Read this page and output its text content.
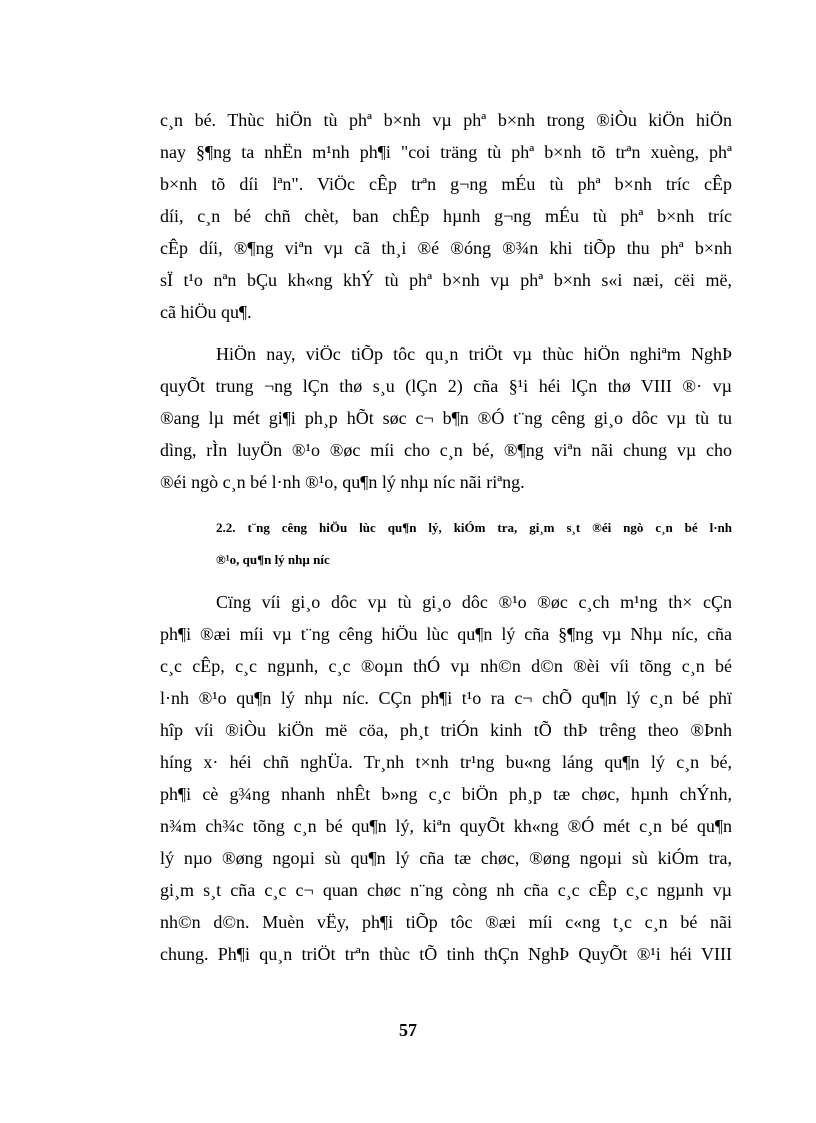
c¸n bé. Thùc hiÖn tù phª b×nh vµ phª b×nh trong ®iÒu kiÖn hiÖn
nay §¶ng ta nhËn m¹nh ph¶i "coi träng tù phª b×nh tõ trªn xuèng, phª
b×nh tõ díi lªn". ViÖc cÊp trªn g¬ng mÉu tù phª b×nh tríc cÊp
díi, c¸n bé chñ chèt, ban chÊp hµnh g¬ng mÉu tù phª b×nh tríc
cÊp díi, ®¶ng viªn vµ cã th¸i ®é ®óng ®¾n khi tiÕp thu phª b×nh
sÏ t¹o nªn bÇu kh«ng khÝ tù phª b×nh vµ phª b×nh s«i næi, cëi më,
cã hiÖu qu¶.
HiÖn nay, viÖc tiÕp tôc qu¸n triÖt vµ thùc hiÖn nghiªm NghÞ
quyÕt trung ¬ng lÇn thø s¸u (lÇn 2) cña §¹i héi lÇn thø VIII ®· vµ
®ang lµ mét gi¶i ph¸p hÕt søc c¬ b¶n ®Ó t¨ng cêng gi¸o dôc vµ tù tu
dìng, rÌn luyÖn ®¹o ®øc míi cho c¸n bé, ®¶ng viªn nãi chung vµ cho
®éi ngò c¸n bé l·nh ®¹o, qu¶n lý nhµ níc nãi riªng.
2.2. t¨ng cêng hiÖu lùc qu¶n lý, kiÓm tra, gi¸m s¸t ®éi ngò c¸n bé l·nh
®¹o, qu¶n lý nhµ níc
Cïng víi gi¸o dôc vµ tù gi¸o dôc ®¹o ®øc c¸ch m¹ng th× cÇn
ph¶i ®æi míi vµ t¨ng cêng hiÖu lùc qu¶n lý cña §¶ng vµ Nhµ níc, cña
c¸c cÊp, c¸c ngµnh, c¸c ®oµn thÓ vµ nh©n d©n ®èi víi tõng c¸n bé
l·nh ®¹o qu¶n lý nhµ níc. CÇn ph¶i t¹o ra c¬ chÕ qu¶n lý c¸n bé phï
hîp víi ®iÒu kiÖn më cöa, ph¸t triÓn kinh tÕ thÞ trêng theo ®Þnh
híng x· héi chñ nghÜa. Tr¸nh t×nh tr¹ng bu«ng láng qu¶n lý c¸n bé,
ph¶i cè g¾ng nhanh nhÊt b»ng c¸c biÖn ph¸p tæ chøc, hµnh chÝnh,
n¾m ch¾c tõng c¸n bé qu¶n lý, kiªn quyÕt kh«ng ®Ó mét c¸n bé qu¶n
lý nµo ®øng ngoµi sù qu¶n lý cña tæ chøc, ®øng ngoµi sù kiÓm tra,
gi¸m s¸t cña c¸c c¬ quan chøc n¨ng còng nh cña c¸c cÊp c¸c ngµnh vµ
nh©n d©n. Muèn vËy, ph¶i tiÕp tôc ®æi míi c«ng t¸c c¸n bé nãi
chung. Ph¶i qu¸n triÖt trªn thùc tÕ tinh thÇn NghÞ QuyÕt ®¹i héi VIII

57
